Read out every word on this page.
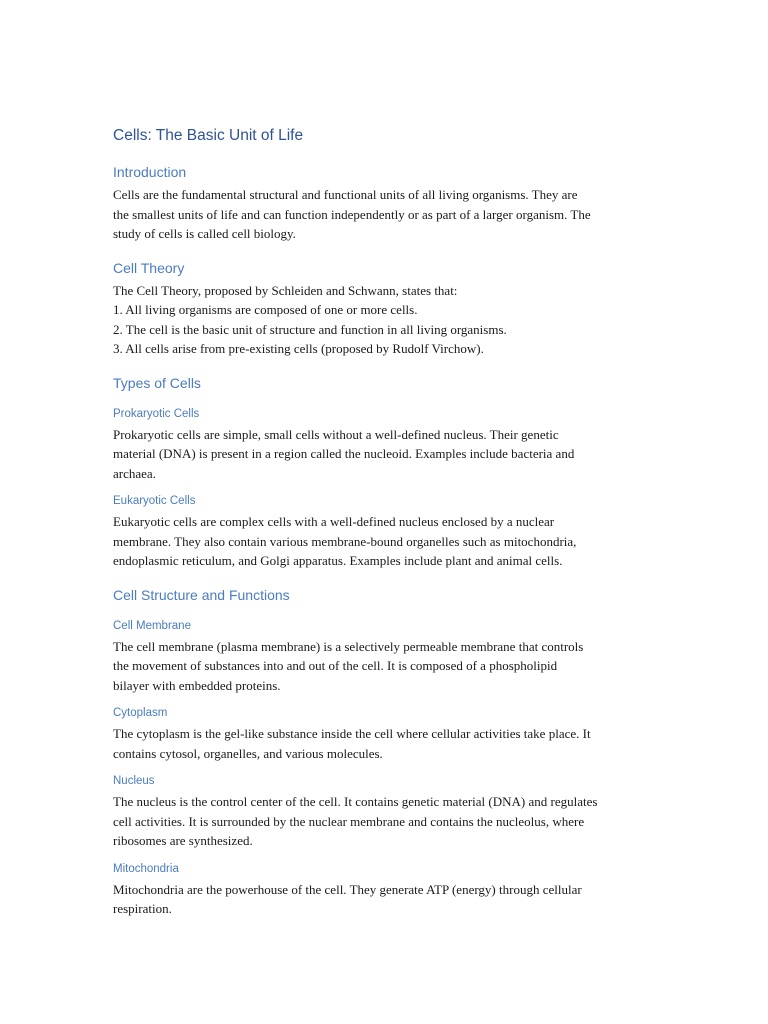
Cells: The Basic Unit of Life
Introduction
Cells are the fundamental structural and functional units of all living organisms. They are
the smallest units of life and can function independently or as part of a larger organism. The
study of cells is called cell biology.
Cell Theory
The Cell Theory, proposed by Schleiden and Schwann, states that:
1. All living organisms are composed of one or more cells.
2. The cell is the basic unit of structure and function in all living organisms.
3. All cells arise from pre-existing cells (proposed by Rudolf Virchow).
Types of Cells
Prokaryotic Cells
Prokaryotic cells are simple, small cells without a well-defined nucleus. Their genetic
material (DNA) is present in a region called the nucleoid. Examples include bacteria and
archaea.
Eukaryotic Cells
Eukaryotic cells are complex cells with a well-defined nucleus enclosed by a nuclear
membrane. They also contain various membrane-bound organelles such as mitochondria,
endoplasmic reticulum, and Golgi apparatus. Examples include plant and animal cells.
Cell Structure and Functions
Cell Membrane
The cell membrane (plasma membrane) is a selectively permeable membrane that controls
the movement of substances into and out of the cell. It is composed of a phospholipid
bilayer with embedded proteins.
Cytoplasm
The cytoplasm is the gel-like substance inside the cell where cellular activities take place. It
contains cytosol, organelles, and various molecules.
Nucleus
The nucleus is the control center of the cell. It contains genetic material (DNA) and regulates
cell activities. It is surrounded by the nuclear membrane and contains the nucleolus, where
ribosomes are synthesized.
Mitochondria
Mitochondria are the powerhouse of the cell. They generate ATP (energy) through cellular
respiration.
